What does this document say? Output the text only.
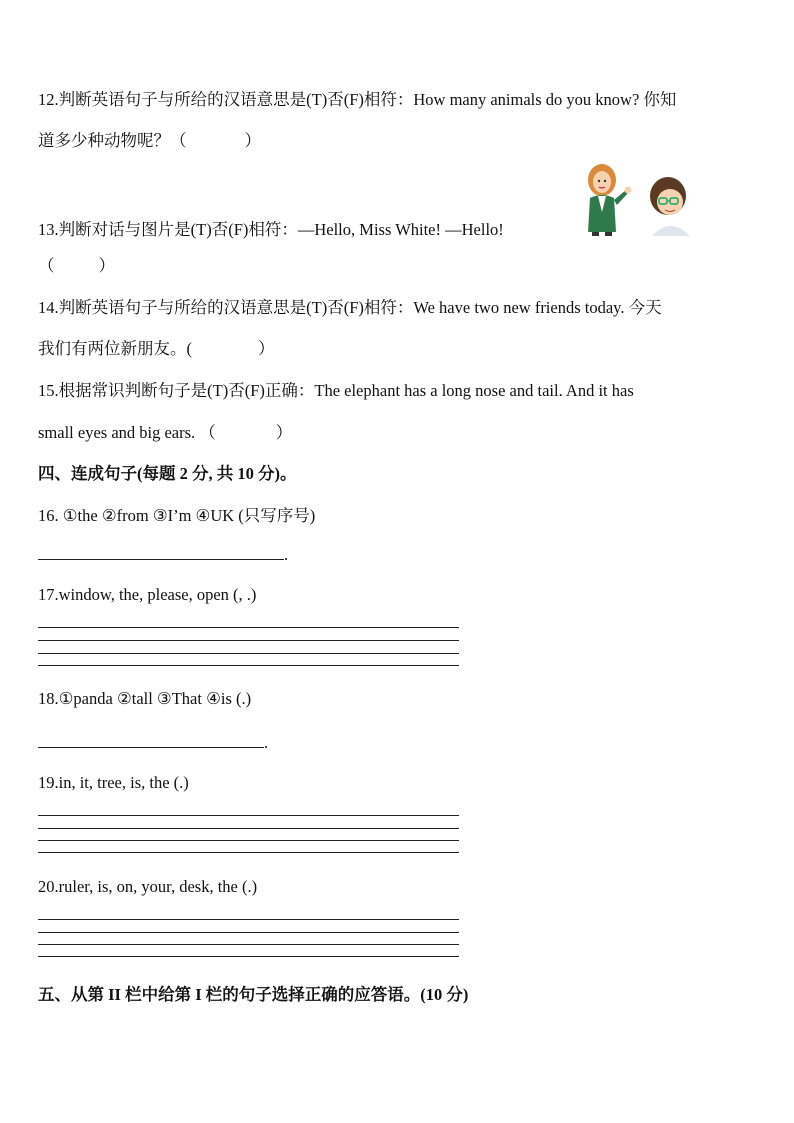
12.判断英语句子与所给的汉语意思是(T)否(F)相符：How many animals do you know? 你知
道多少种动物呢？（	）
13.判断对话与图片是(T)否(F)相符：—Hello, Miss White! —Hello!
（	）
14.判断英语句子与所给的汉语意思是(T)否(F)相符：We have two new friends today. 今天
我们有两位新朋友。(	）
15.根据常识判断句子是(T)否(F)正确：The elephant has a long nose and tail. And it has
small eyes and big ears. （	）
四、连成句子(每题 2 分, 共 10 分)。
16. ①the ②from ③I’m ④UK (只写序号)
.
17.window, the, please, open (, .)
18.①panda ②tall ③That ④is (.)
.
19.in, it, tree, is, the (.)
20.ruler, is, on, your, desk, the (.)
五、从第 II 栏中给第 I 栏的句子选择正确的应答语。(10 分)
